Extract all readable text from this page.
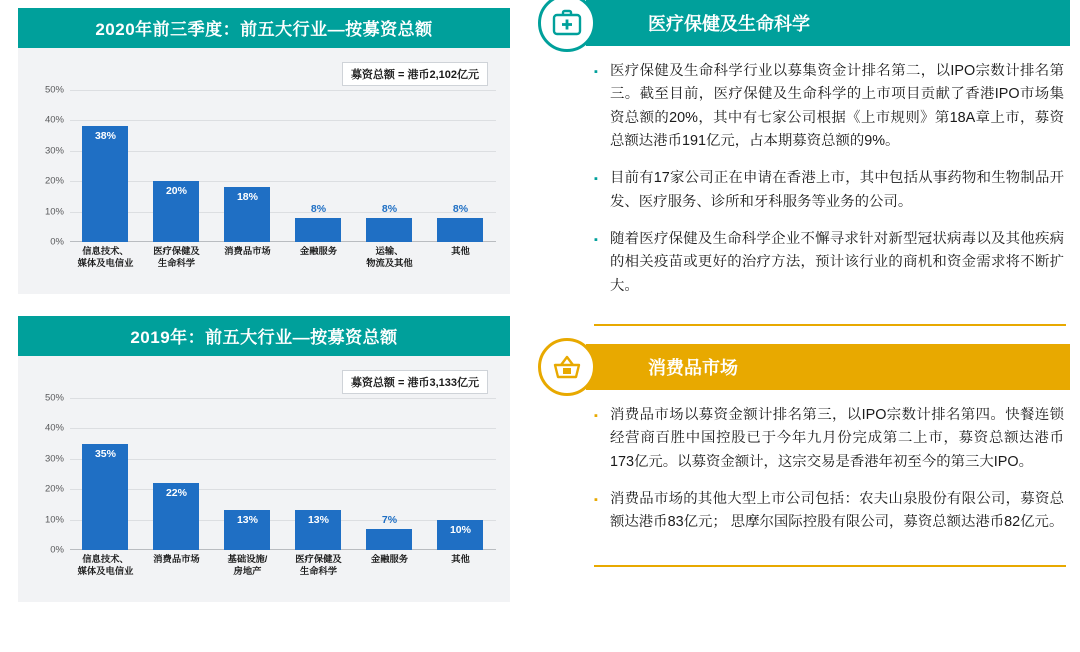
2020年前三季度：前五大行业—按募资总额
募资总额 = 港币2,102亿元
0%
10%
20%
30%
40%
50%
38%
20%
18%
8%	8%	8%
信息技术、
媒体及电信业
医疗保健及
生命科学
消费品市场	金融服务	运输、
物流及其他
其他
2019年：前五大行业—按募资总额
募资总额 = 港币3,133亿元
0%
10%
20%
30%
40%
50%
35%
22%
13%	13%	7%
10%
信息技术、
媒体及电信业
消费品市场	基础设施/
房地产
医疗保健及
生命科学
金融服务	其他
医疗保健及生命科学
▪ 医疗保健及生命科学行业以募集资金计排名第二，以IPO宗数计排名第三。截至目前，医疗保健及生命科学的上市项目贡献了香港IPO市场集资总额的20%，其中有七家公司根据《上市规则》第18A章上市，募资总额达港币191亿元，占本期募资总额的9%。
▪ 目前有17家公司正在申请在香港上市，其中包括从事药物和生物制品开发、医疗服务、诊所和牙科服务等业务的公司。
▪ 随着医疗保健及生命科学企业不懈寻求针对新型冠状病毒以及其他疾病的相关疫苗或更好的治疗方法，预计该行业的商机和资金需求将不断扩大。
消费品市场
▪ 消费品市场以募资金额计排名第三，以IPO宗数计排名第四。快餐连锁经营商百胜中国控股已于今年九月份完成第二上市，募资总额达港币173亿元。以募资金额计，这宗交易是香港年初至今的第三大IPO。
▪ 消费品市场的其他大型上市公司包括：农夫山泉股份有限公司，募资总额达港币83亿元； 思摩尔国际控股有限公司，募资总额达港币82亿元。
